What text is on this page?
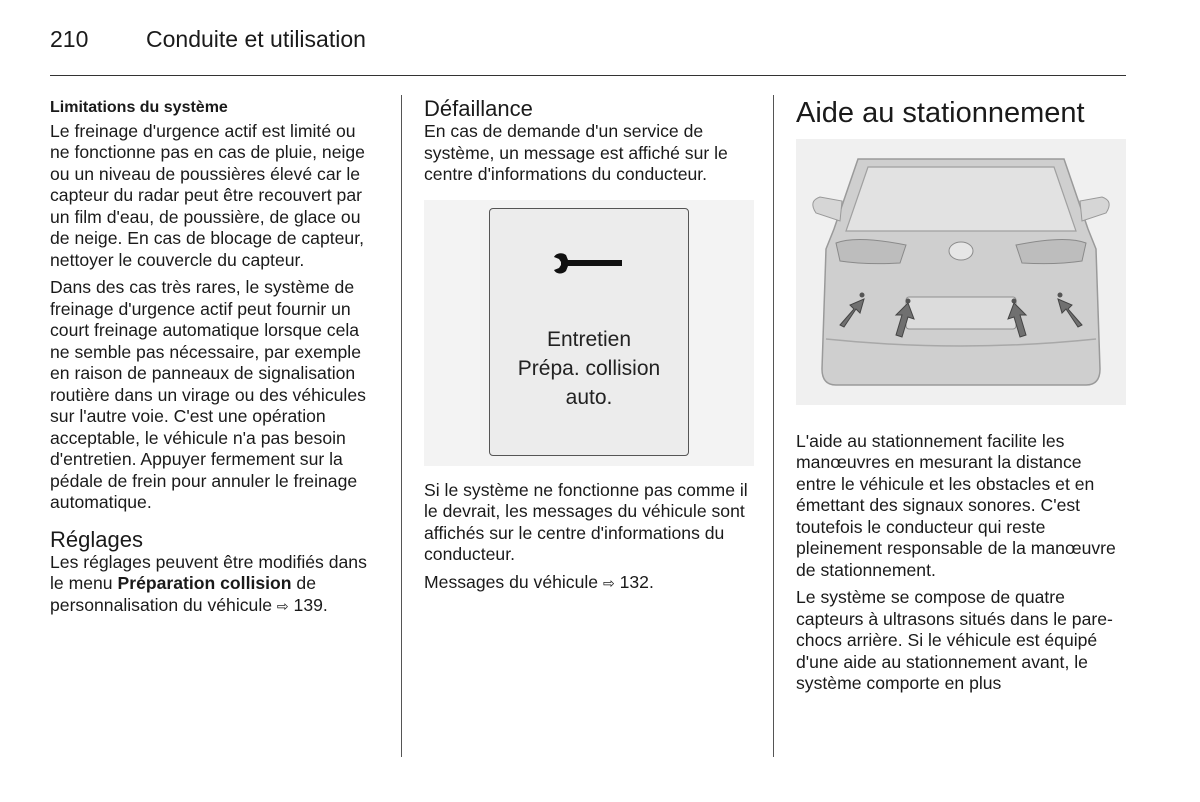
210	Conduite et utilisation
Limitations du système

Le freinage d'urgence actif est limité ou ne fonctionne pas en cas de pluie, neige ou un niveau de poussières élevé car le capteur du radar peut être recouvert par un film d'eau, de poussière, de glace ou de neige. En cas de blocage de capteur, nettoyer le couvercle du capteur.

Dans des cas très rares, le système de freinage d'urgence actif peut fournir un court freinage automatique lorsque cela ne semble pas nécessaire, par exemple en raison de panneaux de signalisation routière dans un virage ou des véhicules sur l'autre voie. C'est une opération acceptable, le véhicule n'a pas besoin d'entretien. Appuyer fermement sur la pédale de frein pour annuler le freinage automatique.

Réglages

Les réglages peuvent être modifiés dans le menu Préparation collision de personnalisation du véhicule ⇨ 139.

Défaillance

En cas de demande d'un service de système, un message est affiché sur le centre d'informations du conducteur.

Entretien
Prépa. collision
auto.

Si le système ne fonctionne pas comme il le devrait, les messages du véhicule sont affichés sur le centre d'informations du conducteur.

Messages du véhicule ⇨ 132.

Aide au stationnement

L'aide au stationnement facilite les manœuvres en mesurant la distance entre le véhicule et les obstacles et en émettant des signaux sonores. C'est toutefois le conducteur qui reste pleinement responsable de la manœuvre de stationnement.

Le système se compose de quatre capteurs à ultrasons situés dans le pare-chocs arrière. Si le véhicule est équipé d'une aide au stationnement avant, le système comporte en plus
